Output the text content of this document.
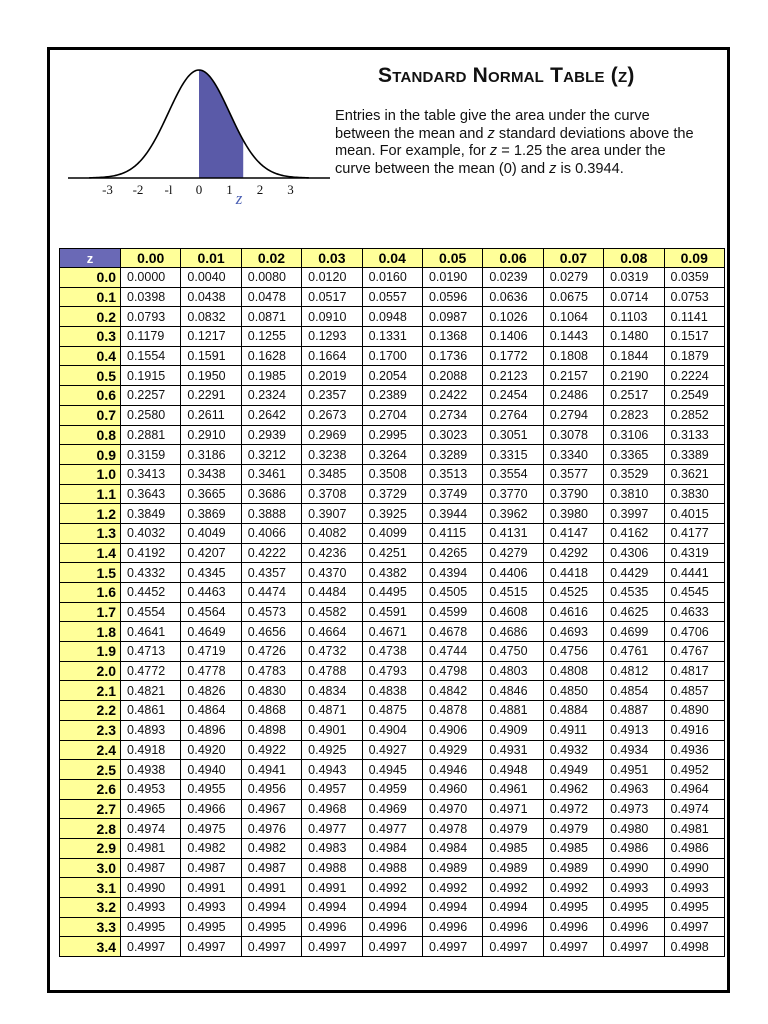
-3 -2 -l 0 1 2 3
z
Standard Normal Table (z)
Entries in the table give the area under the curve between the mean and z standard deviations above the mean. For example, for z = 1.25 the area under the curve between the mean (0) and z is 0.3944.
z	0.00	0.01	0.02	0.03	0.04	0.05	0.06	0.07	0.08	0.09
0.0	0.0000	0.0040	0.0080	0.0120	0.0160	0.0190	0.0239	0.0279	0.0319	0.0359
0.1	0.0398	0.0438	0.0478	0.0517	0.0557	0.0596	0.0636	0.0675	0.0714	0.0753
0.2	0.0793	0.0832	0.0871	0.0910	0.0948	0.0987	0.1026	0.1064	0.1103	0.1141
0.3	0.1179	0.1217	0.1255	0.1293	0.1331	0.1368	0.1406	0.1443	0.1480	0.1517
0.4	0.1554	0.1591	0.1628	0.1664	0.1700	0.1736	0.1772	0.1808	0.1844	0.1879
0.5	0.1915	0.1950	0.1985	0.2019	0.2054	0.2088	0.2123	0.2157	0.2190	0.2224
0.6	0.2257	0.2291	0.2324	0.2357	0.2389	0.2422	0.2454	0.2486	0.2517	0.2549
0.7	0.2580	0.2611	0.2642	0.2673	0.2704	0.2734	0.2764	0.2794	0.2823	0.2852
0.8	0.2881	0.2910	0.2939	0.2969	0.2995	0.3023	0.3051	0.3078	0.3106	0.3133
0.9	0.3159	0.3186	0.3212	0.3238	0.3264	0.3289	0.3315	0.3340	0.3365	0.3389
1.0	0.3413	0.3438	0.3461	0.3485	0.3508	0.3513	0.3554	0.3577	0.3529	0.3621
1.1	0.3643	0.3665	0.3686	0.3708	0.3729	0.3749	0.3770	0.3790	0.3810	0.3830
1.2	0.3849	0.3869	0.3888	0.3907	0.3925	0.3944	0.3962	0.3980	0.3997	0.4015
1.3	0.4032	0.4049	0.4066	0.4082	0.4099	0.4115	0.4131	0.4147	0.4162	0.4177
1.4	0.4192	0.4207	0.4222	0.4236	0.4251	0.4265	0.4279	0.4292	0.4306	0.4319
1.5	0.4332	0.4345	0.4357	0.4370	0.4382	0.4394	0.4406	0.4418	0.4429	0.4441
1.6	0.4452	0.4463	0.4474	0.4484	0.4495	0.4505	0.4515	0.4525	0.4535	0.4545
1.7	0.4554	0.4564	0.4573	0.4582	0.4591	0.4599	0.4608	0.4616	0.4625	0.4633
1.8	0.4641	0.4649	0.4656	0.4664	0.4671	0.4678	0.4686	0.4693	0.4699	0.4706
1.9	0.4713	0.4719	0.4726	0.4732	0.4738	0.4744	0.4750	0.4756	0.4761	0.4767
2.0	0.4772	0.4778	0.4783	0.4788	0.4793	0.4798	0.4803	0.4808	0.4812	0.4817
2.1	0.4821	0.4826	0.4830	0.4834	0.4838	0.4842	0.4846	0.4850	0.4854	0.4857
2.2	0.4861	0.4864	0.4868	0.4871	0.4875	0.4878	0.4881	0.4884	0.4887	0.4890
2.3	0.4893	0.4896	0.4898	0.4901	0.4904	0.4906	0.4909	0.4911	0.4913	0.4916
2.4	0.4918	0.4920	0.4922	0.4925	0.4927	0.4929	0.4931	0.4932	0.4934	0.4936
2.5	0.4938	0.4940	0.4941	0.4943	0.4945	0.4946	0.4948	0.4949	0.4951	0.4952
2.6	0.4953	0.4955	0.4956	0.4957	0.4959	0.4960	0.4961	0.4962	0.4963	0.4964
2.7	0.4965	0.4966	0.4967	0.4968	0.4969	0.4970	0.4971	0.4972	0.4973	0.4974
2.8	0.4974	0.4975	0.4976	0.4977	0.4977	0.4978	0.4979	0.4979	0.4980	0.4981
2.9	0.4981	0.4982	0.4982	0.4983	0.4984	0.4984	0.4985	0.4985	0.4986	0.4986
3.0	0.4987	0.4987	0.4987	0.4988	0.4988	0.4989	0.4989	0.4989	0.4990	0.4990
3.1	0.4990	0.4991	0.4991	0.4991	0.4992	0.4992	0.4992	0.4992	0.4993	0.4993
3.2	0.4993	0.4993	0.4994	0.4994	0.4994	0.4994	0.4994	0.4995	0.4995	0.4995
3.3	0.4995	0.4995	0.4995	0.4996	0.4996	0.4996	0.4996	0.4996	0.4996	0.4997
3.4	0.4997	0.4997	0.4997	0.4997	0.4997	0.4997	0.4997	0.4997	0.4997	0.4998
